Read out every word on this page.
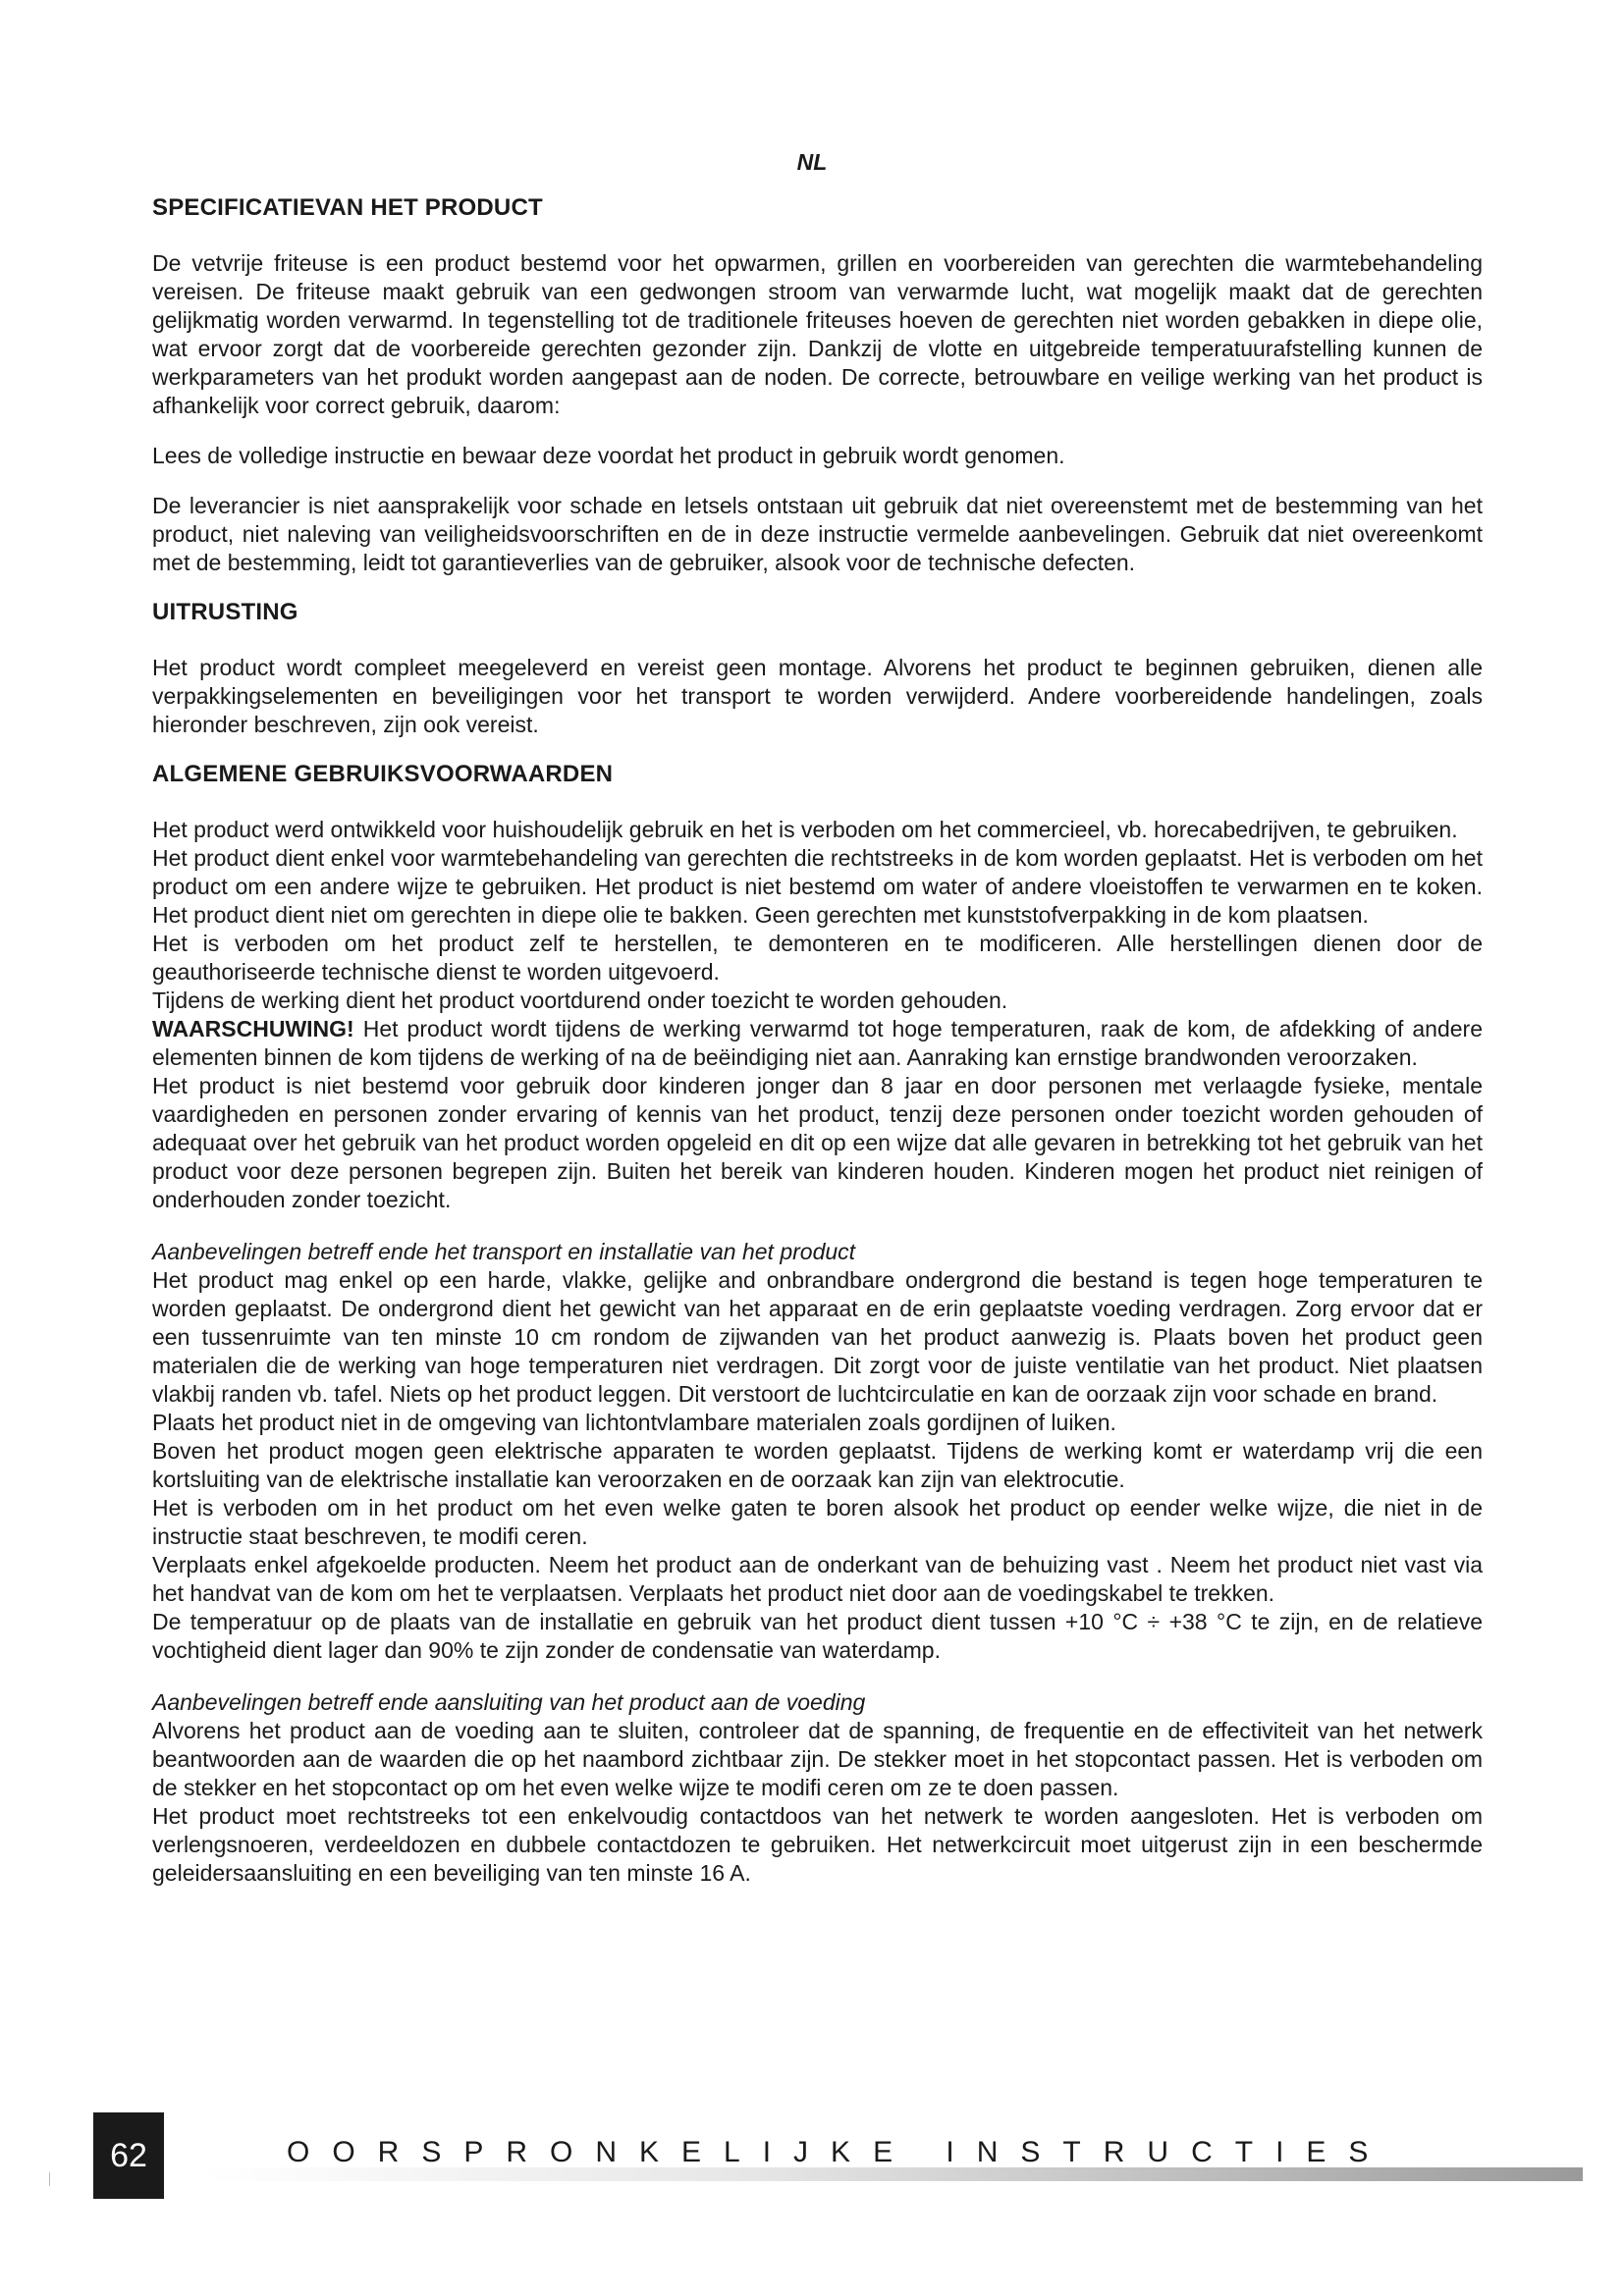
NL
SPECIFICATIEVAN HET PRODUCT

De vetvrije friteuse is een product bestemd voor het opwarmen, grillen en voorbereiden van gerechten die warmtebehandeling vereisen. De friteuse maakt gebruik van een gedwongen stroom van verwarmde lucht, wat mogelijk maakt dat de gerechten gelijkmatig worden verwarmd. In tegenstelling tot de traditionele friteuses hoeven de gerechten niet worden gebakken in diepe olie, wat ervoor zorgt dat de voorbereide gerechten gezonder zijn. Dankzij de vlotte en uitgebreide temperatuurafstelling kunnen de werkparameters van het produkt worden aangepast aan de noden. De correcte, betrouwbare en veilige werking van het product is afhankelijk voor correct gebruik, daarom:

Lees de volledige instructie en bewaar deze voordat het product in gebruik wordt genomen.

De leverancier is niet aansprakelijk voor schade en letsels ontstaan uit gebruik dat niet overeenstemt met de bestemming van het product, niet naleving van veiligheidsvoorschriften en de in deze instructie vermelde aanbevelingen. Gebruik dat niet overeenkomt met de bestemming, leidt tot garantieverlies van de gebruiker, alsook voor de technische defecten.

UITRUSTING

Het product wordt compleet meegeleverd en vereist geen montage. Alvorens het product te beginnen gebruiken, dienen alle verpakkingselementen en beveiligingen voor het transport te worden verwijderd. Andere voorbereidende handelingen, zoals hieronder beschreven, zijn ook vereist.

ALGEMENE GEBRUIKSVOORWAARDEN

Het product werd ontwikkeld voor huishoudelijk gebruik en het is verboden om het commercieel, vb. horecabedrijven, te gebruiken.

Het product dient enkel voor warmtebehandeling van gerechten die rechtstreeks in de kom worden geplaatst. Het is verboden om het product om een andere wijze te gebruiken. Het product is niet bestemd om water of andere vloeistoffen te verwarmen en te koken. Het product dient niet om gerechten in diepe olie te bakken. Geen gerechten met kunststofverpakking in de kom plaatsen.

Het is verboden om het product zelf te herstellen, te demonteren en te modificeren. Alle herstellingen dienen door de geauthoriseerde technische dienst te worden uitgevoerd.

Tijdens de werking dient het product voortdurend onder toezicht te worden gehouden.

WAARSCHUWING! Het product wordt tijdens de werking verwarmd tot hoge temperaturen, raak de kom, de afdekking of andere elementen binnen de kom tijdens de werking of na de beëindiging niet aan. Aanraking kan ernstige brandwonden veroorzaken.

Het product is niet bestemd voor gebruik door kinderen jonger dan 8 jaar en door personen met verlaagde fysieke, mentale vaardigheden en personen zonder ervaring of kennis van het product, tenzij deze personen onder toezicht worden gehouden of adequaat over het gebruik van het product worden opgeleid en dit op een wijze dat alle gevaren in betrekking tot het gebruik van het product voor deze personen begrepen zijn. Buiten het bereik van kinderen houden. Kinderen mogen het product niet reinigen of onderhouden zonder toezicht.

Aanbevelingen betreff ende het transport en installatie van het product

Het product mag enkel op een harde, vlakke, gelijke and onbrandbare ondergrond die bestand is tegen hoge temperaturen te worden geplaatst. De ondergrond dient het gewicht van het apparaat en de erin geplaatste voeding verdragen. Zorg ervoor dat er een tussenruimte van ten minste 10 cm rondom de zijwanden van het product aanwezig is. Plaats boven het product geen materialen die de werking van hoge temperaturen niet verdragen. Dit zorgt voor de juiste ventilatie van het product. Niet plaatsen vlakbij randen vb. tafel. Niets op het product leggen. Dit verstoort de luchtcirculatie en kan de oorzaak zijn voor schade en brand.

Plaats het product niet in de omgeving van lichtontvlambare materialen zoals gordijnen of luiken.

Boven het product mogen geen elektrische apparaten te worden geplaatst. Tijdens de werking komt er waterdamp vrij die een kortsluiting van de elektrische installatie kan veroorzaken en de oorzaak kan zijn van elektrocutie.

Het is verboden om in het product om het even welke gaten te boren alsook het product op eender welke wijze, die niet in de instructie staat beschreven, te modifi ceren.

Verplaats enkel afgekoelde producten. Neem het product aan de onderkant van de behuizing vast . Neem het product niet vast via het handvat van de kom om het te verplaatsen. Verplaats het product niet door aan de voedingskabel te trekken.

De temperatuur op de plaats van de installatie en gebruik van het product dient tussen +10 °C ÷ +38 °C te zijn, en de relatieve vochtigheid dient lager dan 90% te zijn zonder de condensatie van waterdamp.

Aanbevelingen betreff ende aansluiting van het product aan de voeding

Alvorens het product aan de voeding aan te sluiten, controleer dat de spanning, de frequentie en de effectiviteit van het netwerk beantwoorden aan de waarden die op het naambord zichtbaar zijn. De stekker moet in het stopcontact passen. Het is verboden om de stekker en het stopcontact op om het even welke wijze te modifi ceren om ze te doen passen.

Het product moet rechtstreeks tot een enkelvoudig contactdoos van het netwerk te worden aangesloten. Het is verboden om verlengsnoeren, verdeeldozen en dubbele contactdozen te gebruiken. Het netwerkcircuit moet uitgerust zijn in een beschermde geleidersaansluiting en een beveiliging van ten minste 16 A.

62	OORSPRONKELIJKE INSTRUCTIES
